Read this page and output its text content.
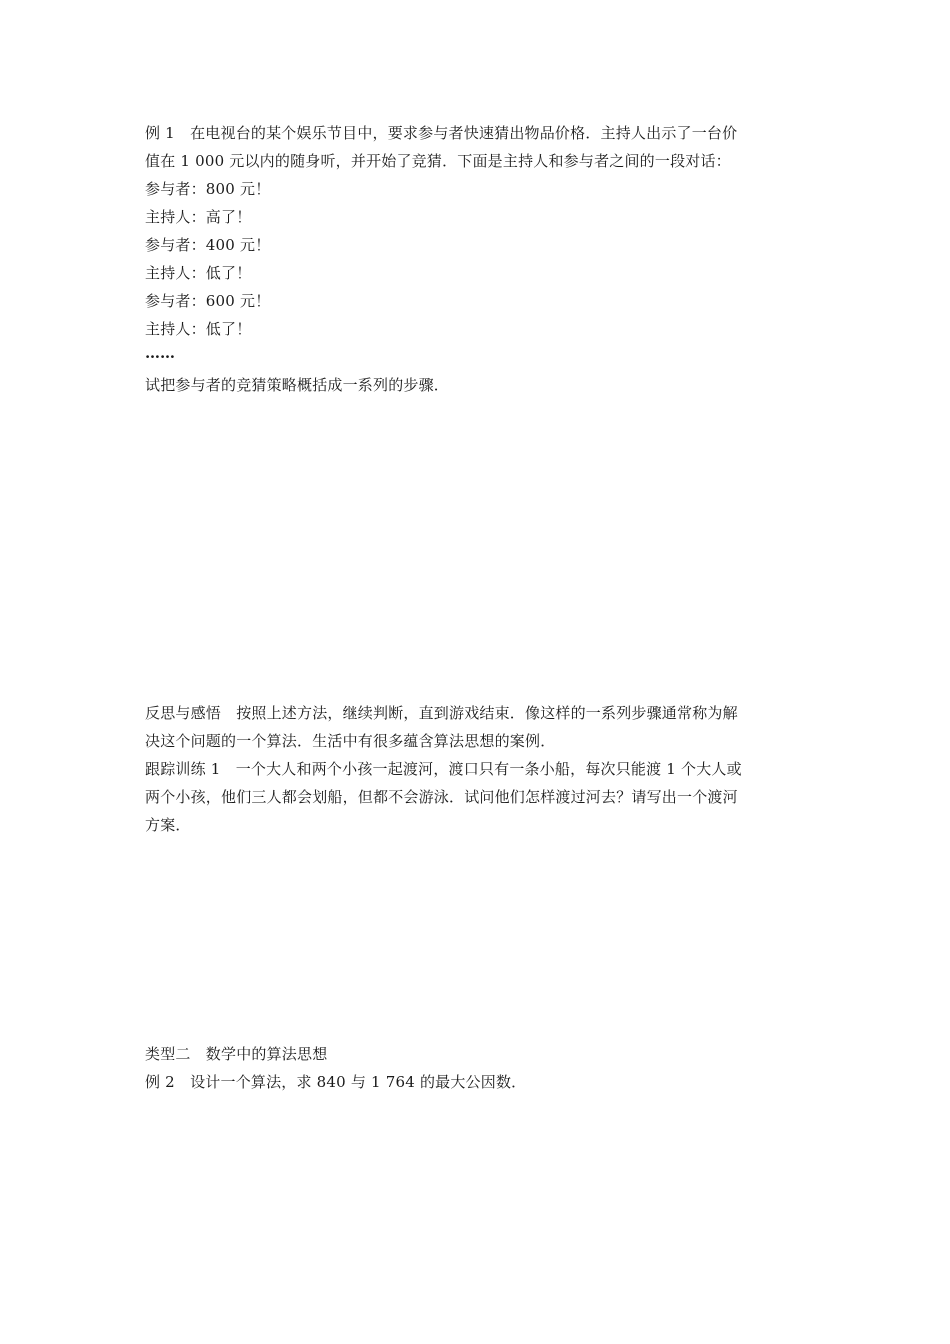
例 1　在电视台的某个娱乐节目中，要求参与者快速猜出物品价格．主持人出示了一台价
值在 1 000 元以内的随身听，并开始了竞猜．下面是主持人和参与者之间的一段对话：
参与者：800 元！
主持人：高了！
参与者：400 元！
主持人：低了！
参与者：600 元！
主持人：低了！
……
试把参与者的竞猜策略概括成一系列的步骤．
反思与感悟　按照上述方法，继续判断，直到游戏结束．像这样的一系列步骤通常称为解
决这个问题的一个算法．生活中有很多蕴含算法思想的案例．
跟踪训练 1　一个大人和两个小孩一起渡河，渡口只有一条小船，每次只能渡 1 个大人或
两个小孩，他们三人都会划船，但都不会游泳．试问他们怎样渡过河去？请写出一个渡河
方案．
类型二　数学中的算法思想
例 2　设计一个算法，求 840 与 1 764 的最大公因数．
